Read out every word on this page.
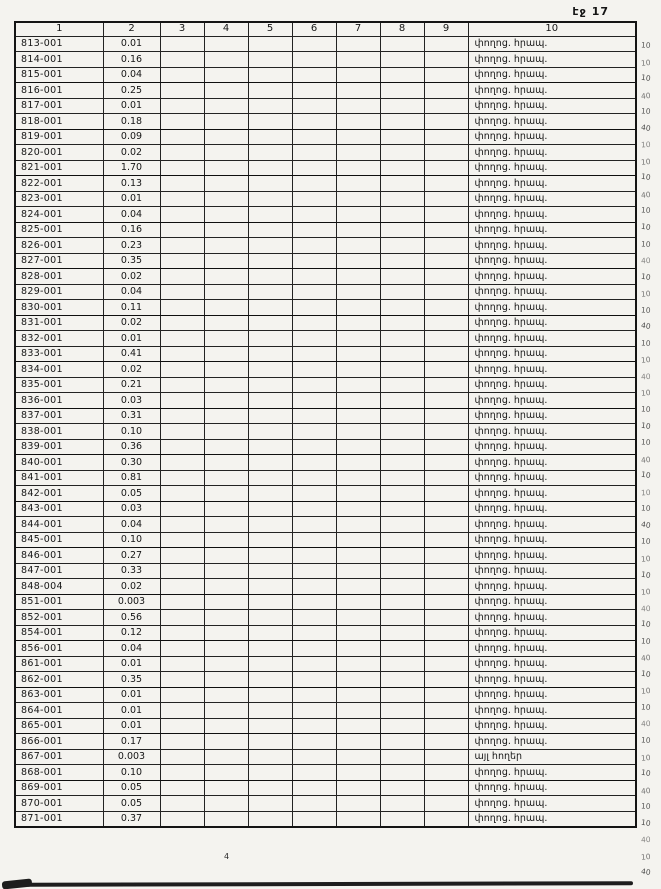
էջ 17
1	2	3	4	5	6	7	8	9	10
813-001	0.01								փողոց. հրապ.
814-001	0.16								փողոց. հրապ.
815-001	0.04								փողոց. հրապ.
816-001	0.25								փողոց. հրապ.
817-001	0.01								փողոց. հրապ.
818-001	0.18								փողոց. հրապ.
819-001	0.09								փողոց. հրապ.
820-001	0.02								փողոց. հրապ.
821-001	1.70								փողոց. հրապ.
822-001	0.13								փողոց. հրապ.
823-001	0.01								փողոց. հրապ.
824-001	0.04								փողոց. հրապ.
825-001	0.16								փողոց. հրապ.
826-001	0.23								փողոց. հրապ.
827-001	0.35								փողոց. հրապ.
828-001	0.02								փողոց. հրապ.
829-001	0.04								փողոց. հրապ.
830-001	0.11								փողոց. հրապ.
831-001	0.02								փողոց. հրապ.
832-001	0.01								փողոց. հրապ.
833-001	0.41								փողոց. հրապ.
834-001	0.02								փողոց. հրապ.
835-001	0.21								փողոց. հրապ.
836-001	0.03								փողոց. հրապ.
837-001	0.31								փողոց. հրապ.
838-001	0.10								փողոց. հրապ.
839-001	0.36								փողոց. հրապ.
840-001	0.30								փողոց. հրապ.
841-001	0.81								փողոց. հրապ.
842-001	0.05								փողոց. հրապ.
843-001	0.03								փողոց. հրապ.
844-001	0.04								փողոց. հրապ.
845-001	0.10								փողոց. հրապ.
846-001	0.27								փողոց. հրապ.
847-001	0.33								փողոց. հրապ.
848-004	0.02								փողոց. հրապ.
851-001	0.003								փողոց. հրապ.
852-001	0.56								փողոց. հրապ.
854-001	0.12								փողոց. հրապ.
856-001	0.04								փողոց. հրապ.
861-001	0.01								փողոց. հրապ.
862-001	0.35								փողոց. հրապ.
863-001	0.01								փողոց. հրապ.
864-001	0.01								փողոց. հրապ.
865-001	0.01								փողոց. հրապ.
866-001	0.17								փողոց. հրապ.
867-001	0.003								այլ հողեր
868-001	0.10								փողոց. հրապ.
869-001	0.05								փողոց. հրապ.
870-001	0.05								փողոց. հրապ.
871-001	0.37								փողոց. հրապ.
10
10
10
40
10
40
10
10
10
40
10
10
10
40
10
10
10
40
10
10
40
10
10
10
10
40
10
10
10
40
10
10
10
10
40
10
10
40
10
10
10
40
10
10
10
40
10
10
40
10
40
4
